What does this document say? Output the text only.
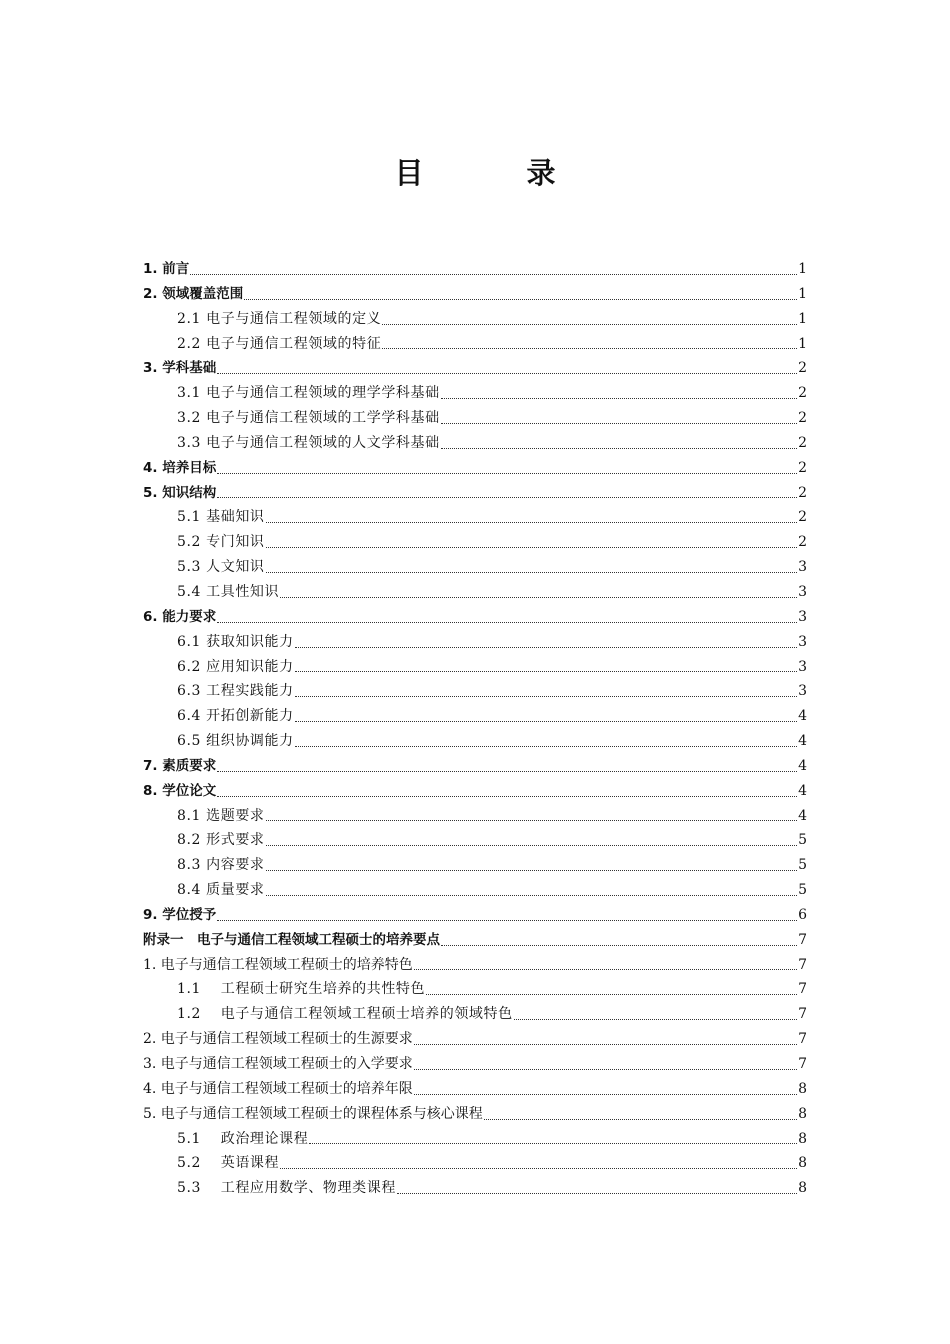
目　录
1. 前言	1
2. 领域覆盖范围	1
2.1 电子与通信工程领域的定义	1
2.2 电子与通信工程领域的特征	1
3. 学科基础	2
3.1 电子与通信工程领域的理学学科基础	2
3.2 电子与通信工程领域的工学学科基础	2
3.3 电子与通信工程领域的人文学科基础	2
4. 培养目标	2
5. 知识结构	2
5.1 基础知识	2
5.2 专门知识	2
5.3 人文知识	3
5.4 工具性知识	3
6. 能力要求	3
6.1 获取知识能力	3
6.2 应用知识能力	3
6.3 工程实践能力	3
6.4 开拓创新能力	4
6.5 组织协调能力	4
7. 素质要求	4
8. 学位论文	4
8.1 选题要求	4
8.2 形式要求	5
8.3 内容要求	5
8.4 质量要求	5
9. 学位授予	6
附录一　电子与通信工程领域工程硕士的培养要点	7
1. 电子与通信工程领域工程硕士的培养特色	7
1.1　 工程硕士研究生培养的共性特色	7
1.2　 电子与通信工程领域工程硕士培养的领域特色	7
2. 电子与通信工程领域工程硕士的生源要求	7
3. 电子与通信工程领域工程硕士的入学要求	7
4. 电子与通信工程领域工程硕士的培养年限	8
5. 电子与通信工程领域工程硕士的课程体系与核心课程	8
5.1　 政治理论课程	8
5.2　 英语课程	8
5.3　 工程应用数学、物理类课程	8
